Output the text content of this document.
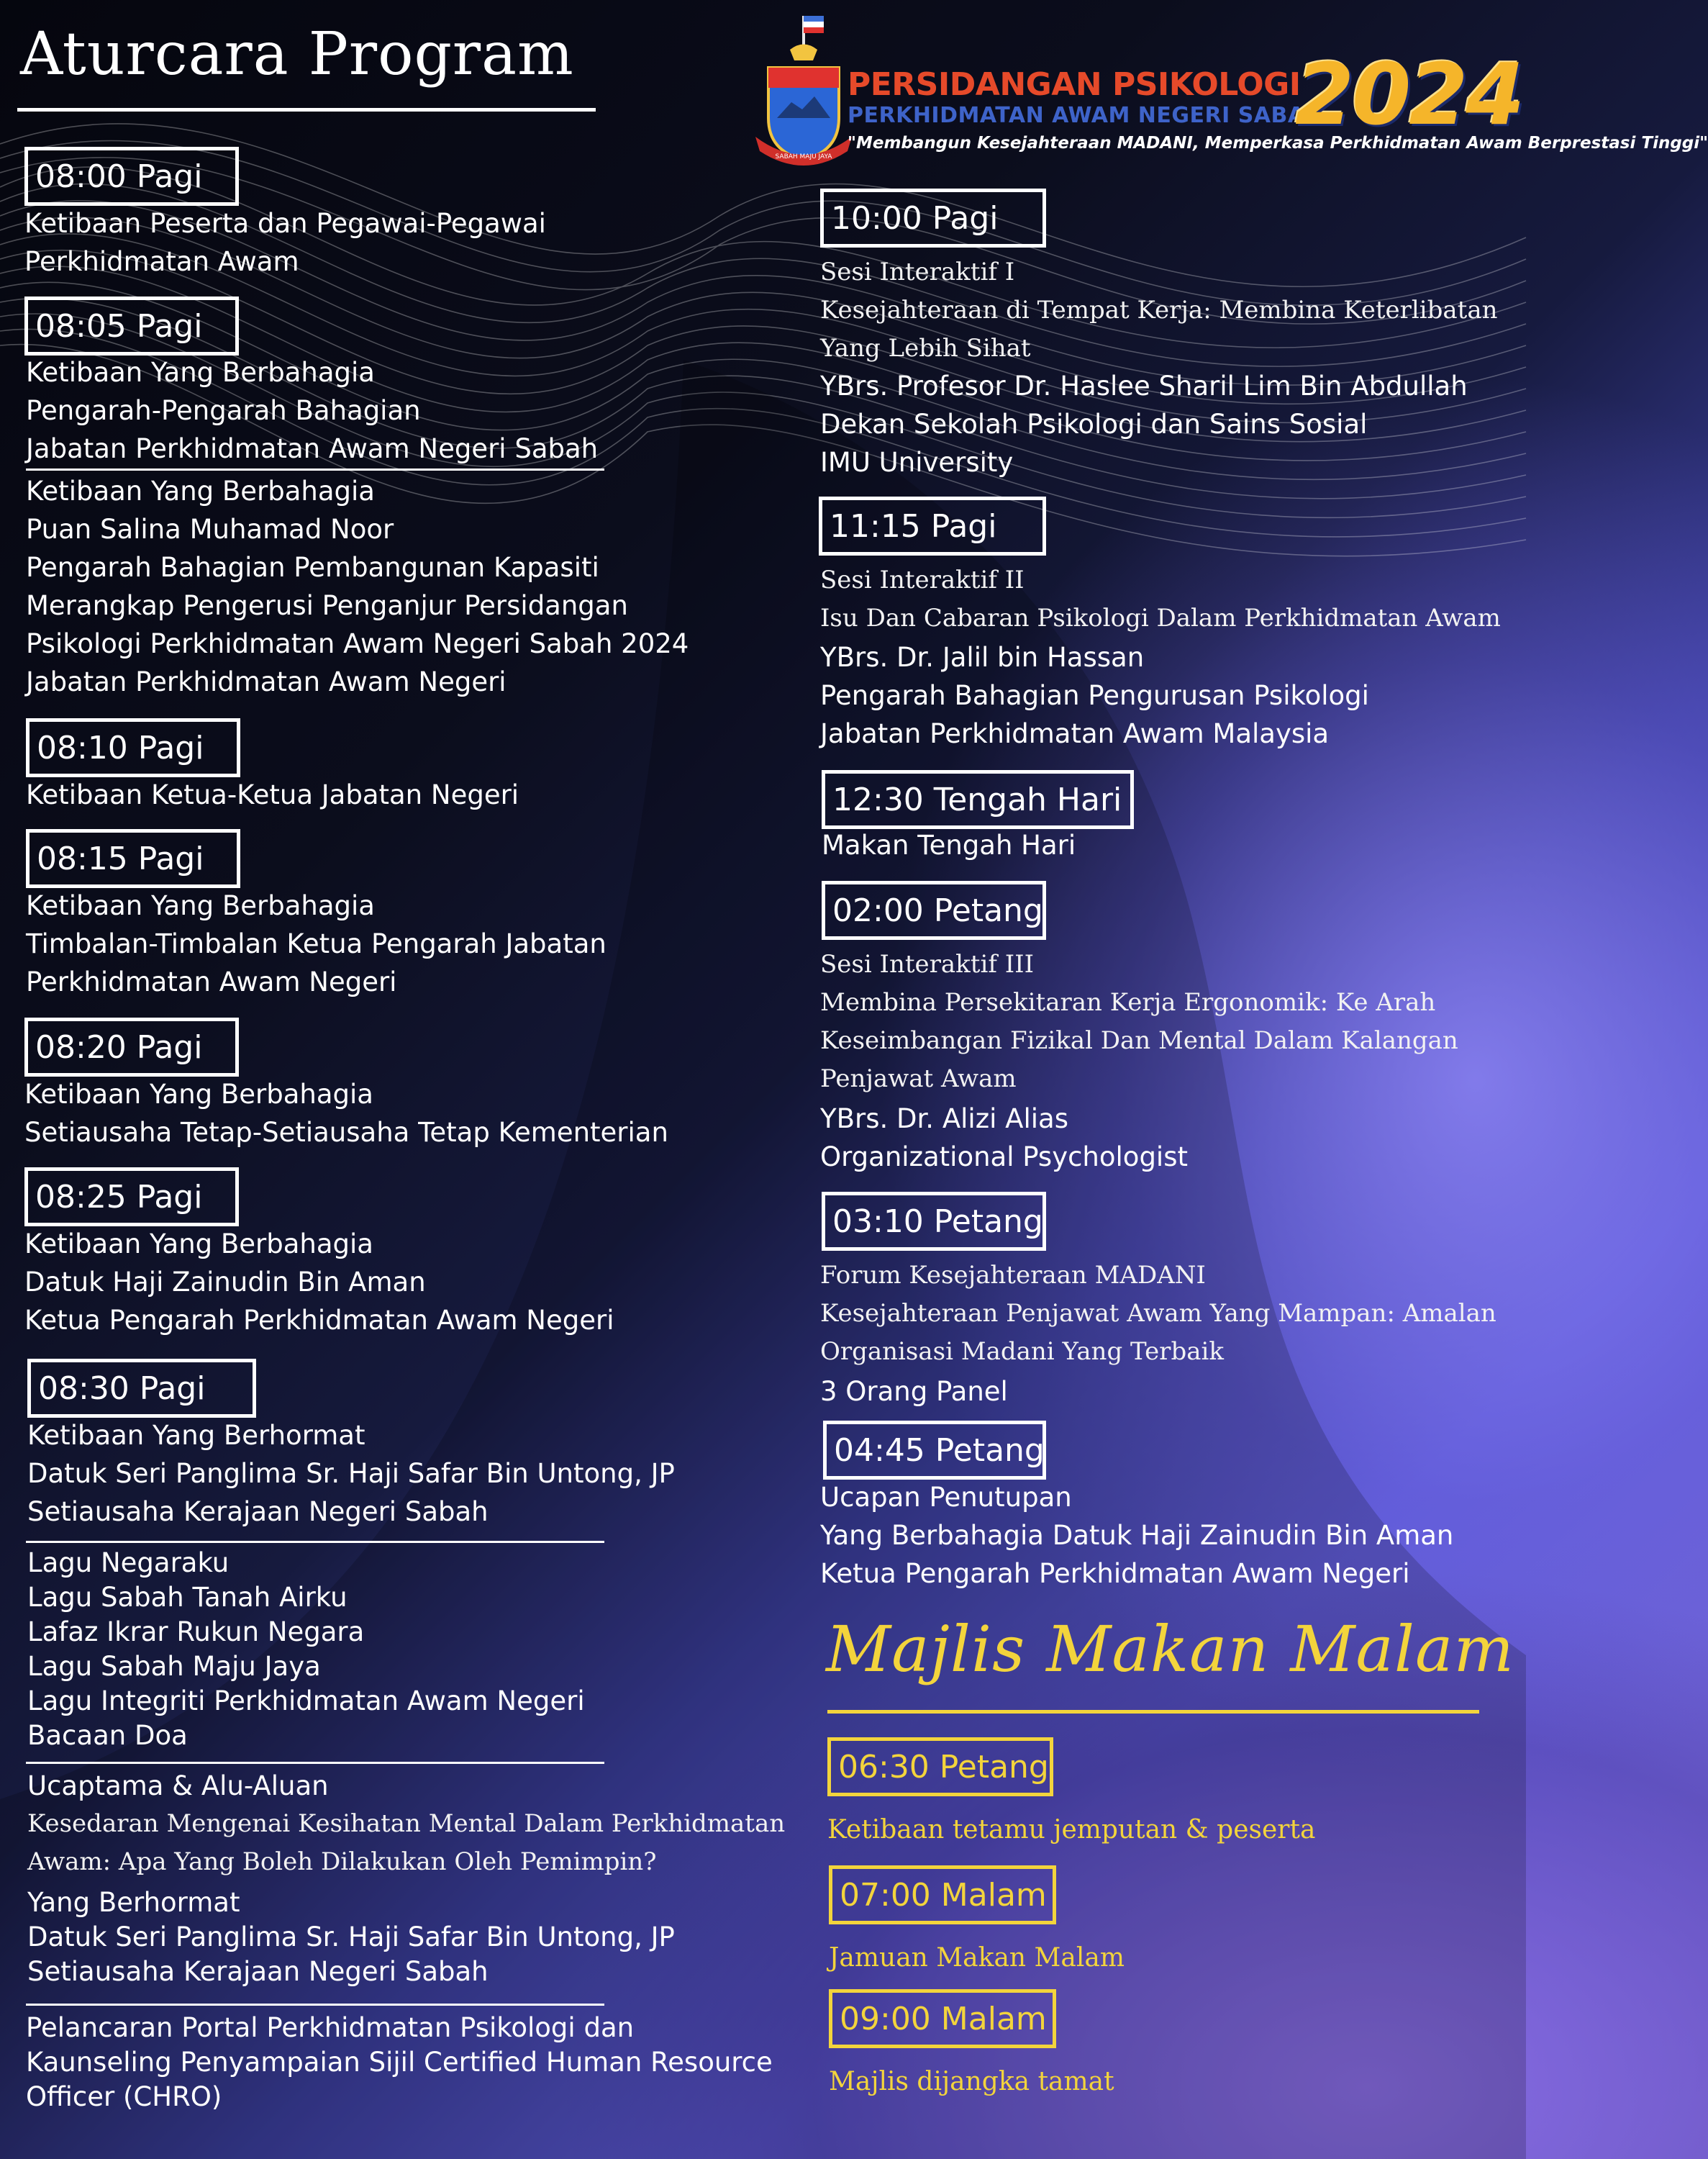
Aturcara Program
SABAH MAJU JAYA
PERSIDANGAN PSIKOLOGI
PERKHIDMATAN AWAM NEGERI SABAH
2024
"Membangun Kesejahteraan MADANI, Memperkasa Perkhidmatan Awam Berprestasi Tinggi"
08:00 Pagi
Ketibaan Peserta dan Pegawai-Pegawai
Perkhidmatan Awam
08:05 Pagi
Ketibaan Yang Berbahagia
Pengarah-Pengarah Bahagian
Jabatan Perkhidmatan Awam Negeri Sabah
Ketibaan Yang Berbahagia
Puan Salina Muhamad Noor
Pengarah Bahagian Pembangunan Kapasiti
Merangkap Pengerusi Penganjur Persidangan
Psikologi Perkhidmatan Awam Negeri Sabah 2024
Jabatan Perkhidmatan Awam Negeri
08:10 Pagi
Ketibaan Ketua-Ketua Jabatan Negeri
08:15 Pagi
Ketibaan Yang Berbahagia
Timbalan-Timbalan Ketua Pengarah Jabatan
Perkhidmatan Awam Negeri
08:20 Pagi
Ketibaan Yang Berbahagia
Setiausaha Tetap-Setiausaha Tetap Kementerian
08:25 Pagi
Ketibaan Yang Berbahagia
Datuk Haji Zainudin Bin Aman
Ketua Pengarah Perkhidmatan Awam Negeri
08:30 Pagi
Ketibaan Yang Berhormat
Datuk Seri Panglima Sr. Haji Safar Bin Untong, JP
Setiausaha Kerajaan Negeri Sabah
Lagu Negaraku
Lagu Sabah Tanah Airku
Lafaz Ikrar Rukun Negara
Lagu Sabah Maju Jaya
Lagu Integriti Perkhidmatan Awam Negeri
Bacaan Doa
Ucaptama & Alu-Aluan
Kesedaran Mengenai Kesihatan Mental Dalam Perkhidmatan
Awam: Apa Yang Boleh Dilakukan Oleh Pemimpin?
Yang Berhormat
Datuk Seri Panglima Sr. Haji Safar Bin Untong, JP
Setiausaha Kerajaan Negeri Sabah
Pelancaran Portal Perkhidmatan Psikologi dan
Kaunseling Penyampaian Sijil Certified Human Resource
Officer (CHRO)
10:00 Pagi
Sesi Interaktif I
Kesejahteraan di Tempat Kerja: Membina Keterlibatan
Yang Lebih Sihat
YBrs. Profesor Dr. Haslee Sharil Lim Bin Abdullah
Dekan Sekolah Psikologi dan Sains Sosial
IMU University
11:15 Pagi
Sesi Interaktif II
Isu Dan Cabaran Psikologi Dalam Perkhidmatan Awam
YBrs. Dr. Jalil bin Hassan
Pengarah Bahagian Pengurusan Psikologi
Jabatan Perkhidmatan Awam Malaysia
12:30 Tengah Hari
Makan Tengah Hari
02:00 Petang
Sesi Interaktif III
Membina Persekitaran Kerja Ergonomik: Ke Arah
Keseimbangan Fizikal Dan Mental Dalam Kalangan
Penjawat Awam
YBrs. Dr. Alizi Alias
Organizational Psychologist
03:10 Petang
Forum Kesejahteraan MADANI
Kesejahteraan Penjawat Awam Yang Mampan: Amalan
Organisasi Madani Yang Terbaik
3 Orang Panel
04:45 Petang
Ucapan Penutupan
Yang Berbahagia Datuk Haji Zainudin Bin Aman
Ketua Pengarah Perkhidmatan Awam Negeri
Majlis Makan Malam
06:30 Petang
Ketibaan tetamu jemputan & peserta
07:00 Malam
Jamuan Makan Malam
09:00 Malam
Majlis dijangka tamat
